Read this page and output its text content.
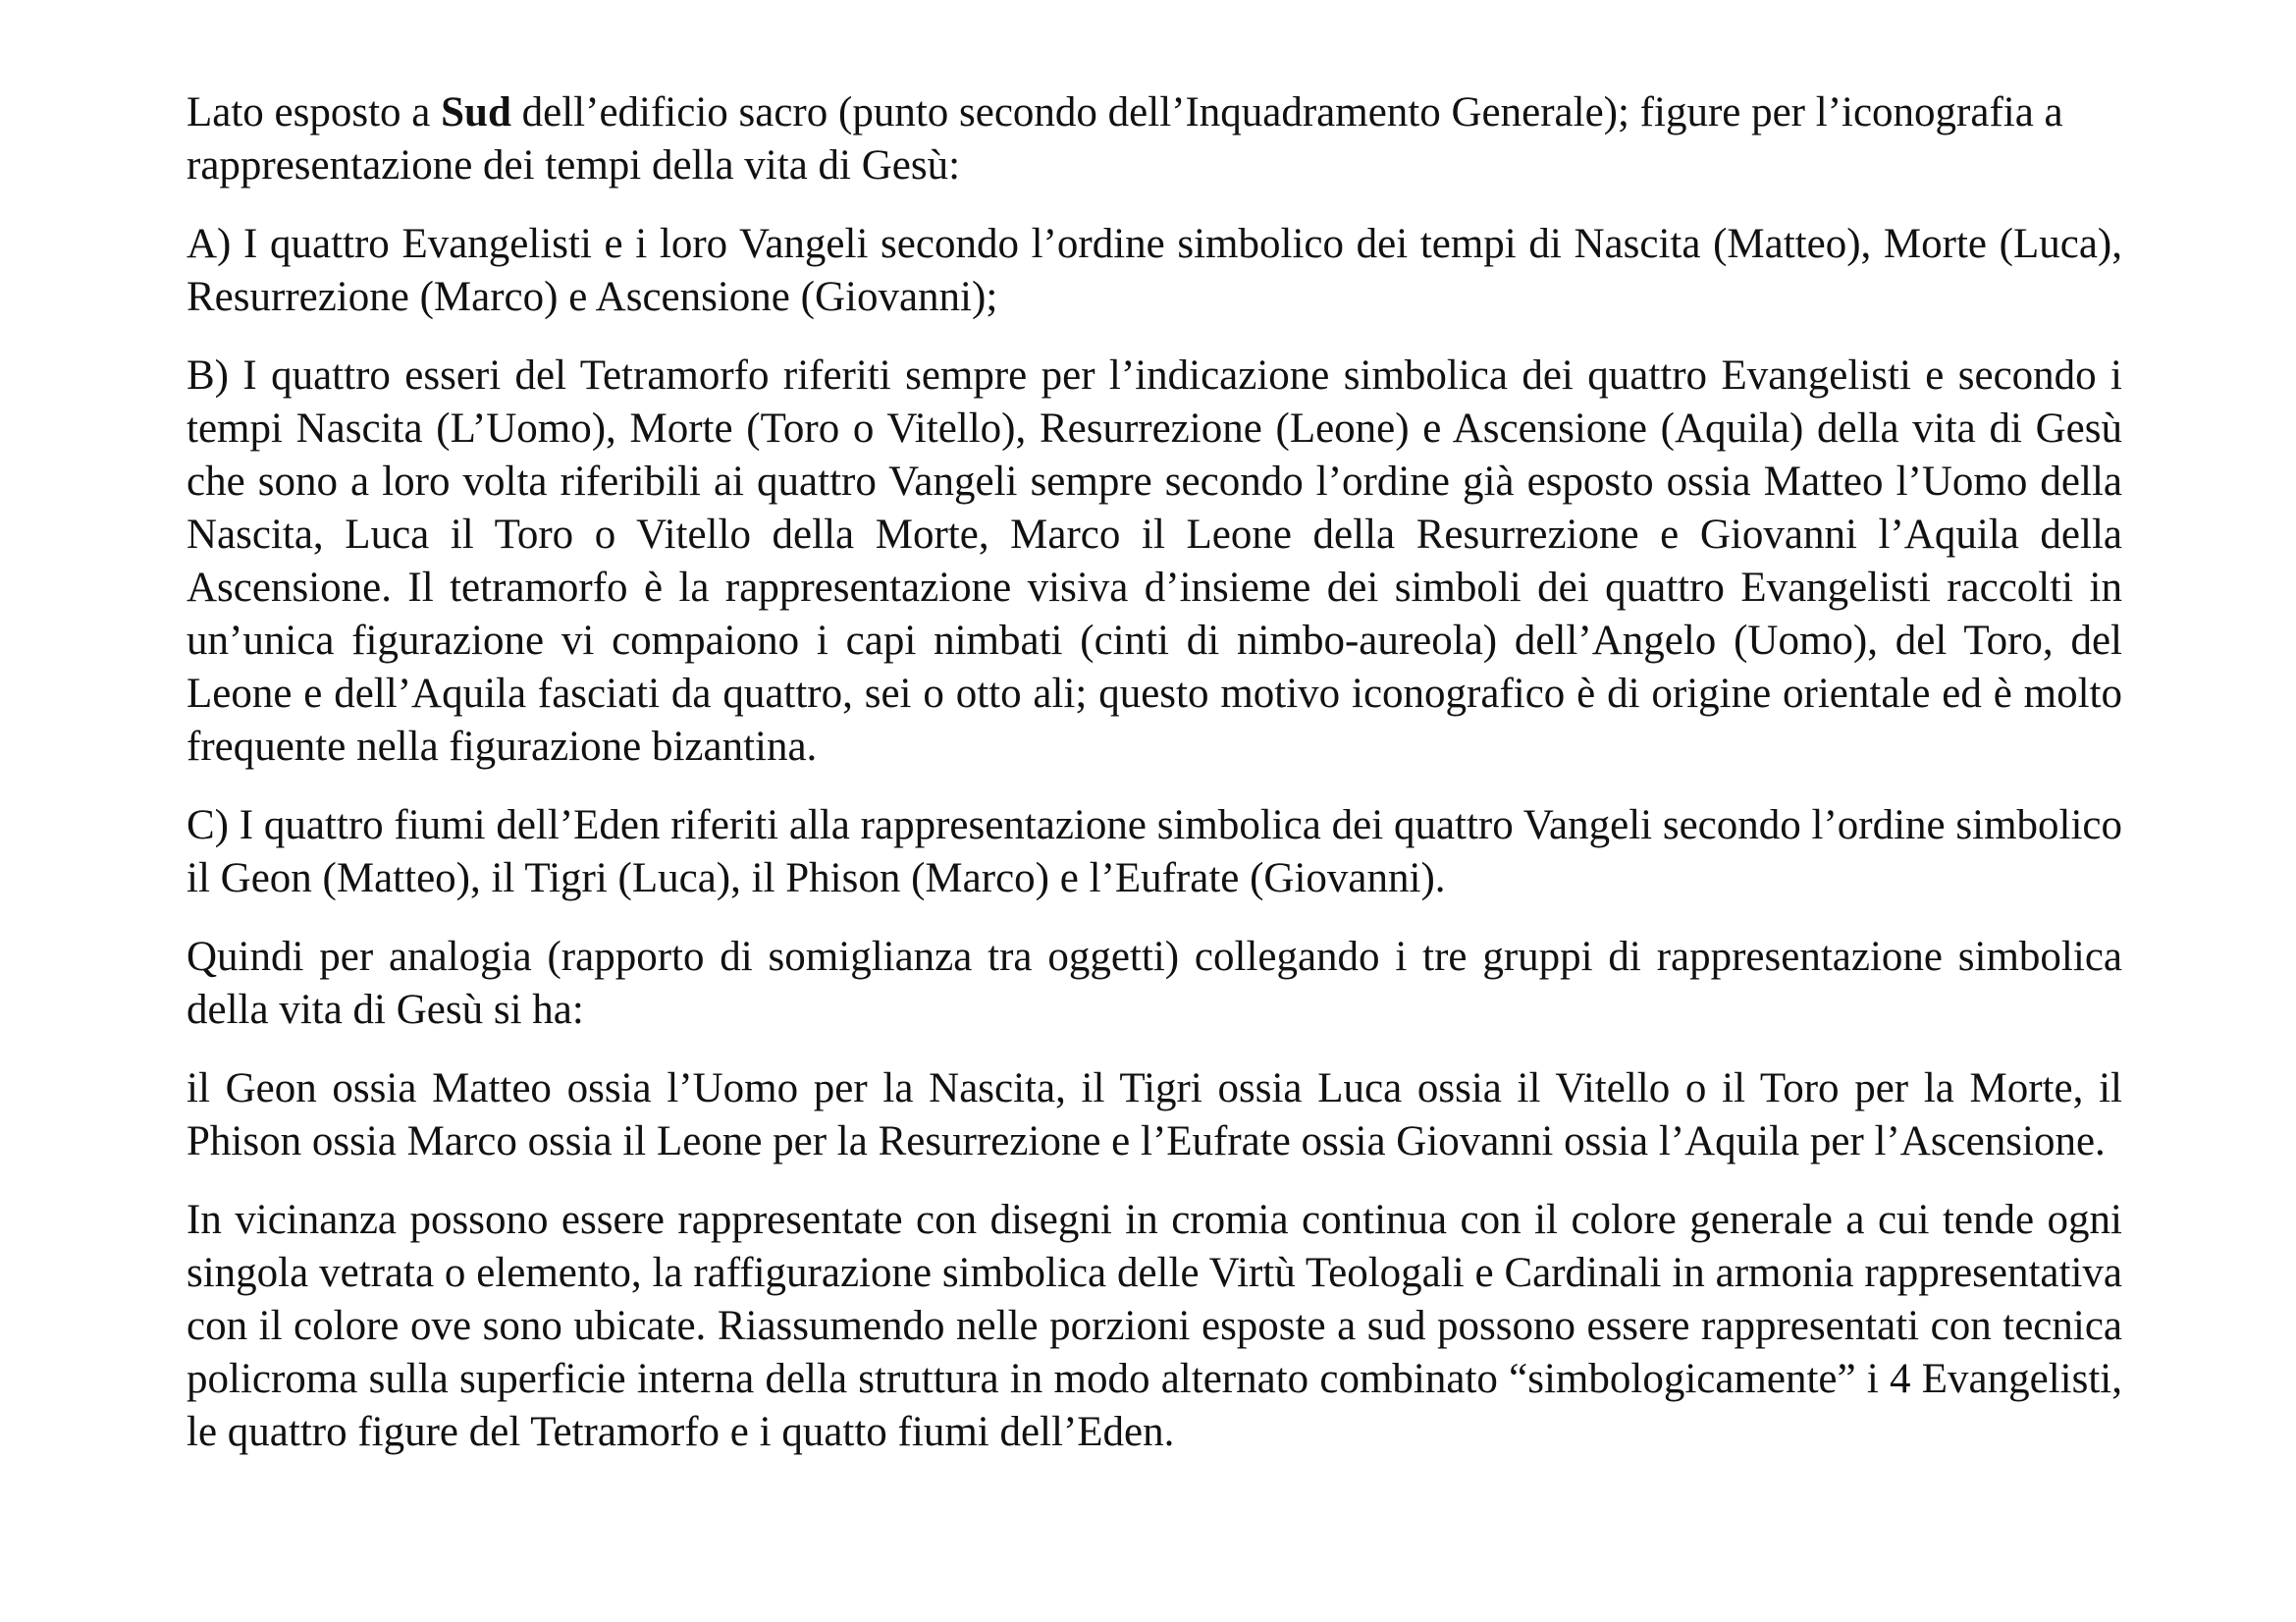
Lato esposto a Sud dell’edificio sacro (punto secondo dell’Inquadramento Generale); figure per l’iconografia a rappresentazione dei tempi della vita di Gesù:

A) I quattro Evangelisti e i loro Vangeli secondo l’ordine simbolico dei tempi di Nascita (Matteo), Morte (Luca), Resurrezione (Marco) e Ascensione (Giovanni);

B) I quattro esseri del Tetramorfo riferiti sempre per l’indicazione simbolica dei quattro Evangelisti e secondo i tempi Nascita (L’Uomo), Morte (Toro o Vitello), Resurrezione (Leone) e Ascensione (Aquila) della vita di Gesù che sono a loro volta riferibili ai quattro Vangeli sempre secondo l’ordine già esposto ossia Matteo l’Uomo della Nascita, Luca il Toro o Vitello della Morte, Marco il Leone della Resurrezione e Giovanni l’Aquila della Ascensione. Il tetramorfo è la rappresentazione visiva d’insieme dei simboli dei quattro Evangelisti raccolti in un’unica figurazione vi compaiono i capi nimbati (cinti di nimbo-aureola) dell’Angelo (Uomo), del Toro, del Leone e dell’Aquila fasciati da quattro, sei o otto ali; questo motivo iconografico è di origine orientale ed è molto frequente nella figurazione bizantina.

C) I quattro fiumi dell’Eden riferiti alla rappresentazione simbolica dei quattro Vangeli secondo l’ordine simbolico il Geon (Matteo), il Tigri (Luca), il Phison (Marco) e l’Eufrate (Giovanni).

Quindi per analogia (rapporto di somiglianza tra oggetti) collegando i tre gruppi di rappresentazione simbolica della vita di Gesù si ha:

il Geon ossia Matteo ossia l’Uomo per la Nascita, il Tigri ossia Luca ossia il Vitello o il Toro per la Morte, il Phison ossia Marco ossia il Leone per la Resurrezione e l’Eufrate ossia Giovanni ossia l’Aquila per l’Ascensione.

In vicinanza possono essere rappresentate con disegni in cromia continua con il colore generale a cui tende ogni singola vetrata o elemento, la raffigurazione simbolica delle Virtù Teologali e Cardinali in armonia rappresentativa con il colore ove sono ubicate. Riassumendo nelle porzioni esposte a sud possono essere rappresentati con tecnica policroma sulla superficie interna della struttura in modo alternato combinato “simbologicamente” i 4 Evangelisti, le quattro figure del Tetramorfo e i quatto fiumi dell’Eden.
